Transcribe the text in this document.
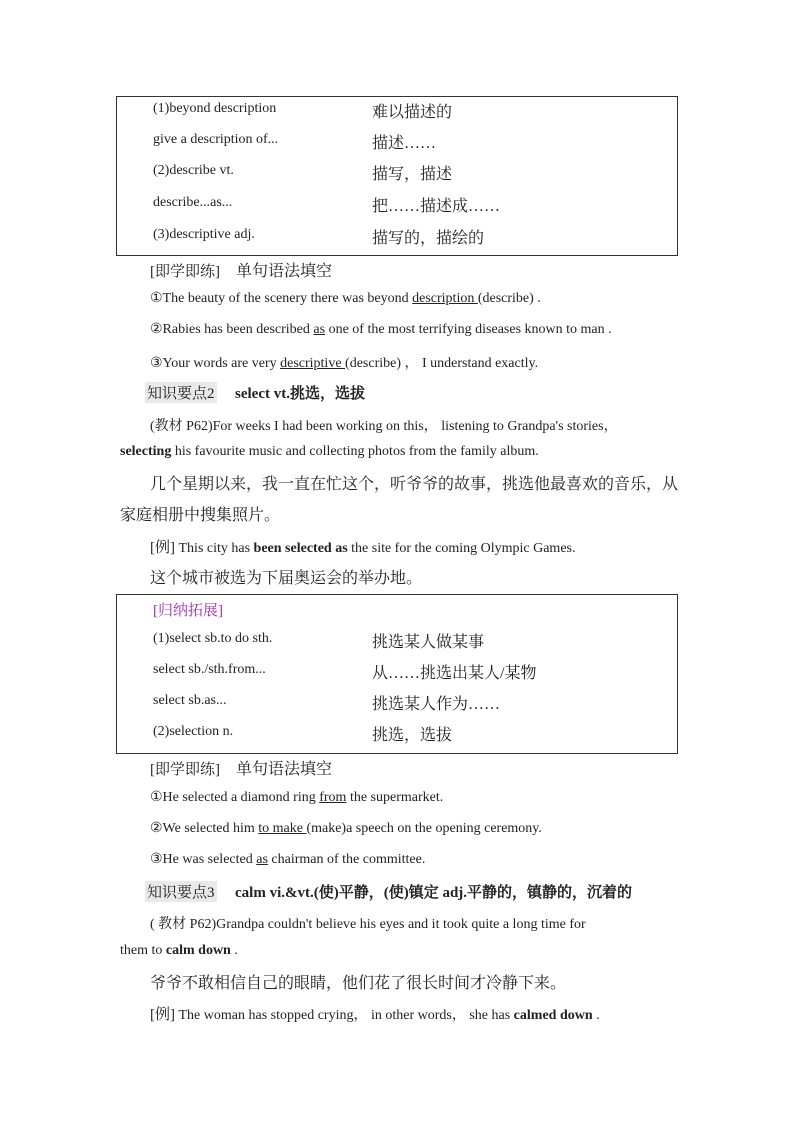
(1)beyond description	难以描述的
give a description of...	描述……
(2)describe vt.	描写，描述
describe...as...	把……描述成……
(3)descriptive adj.	描写的，描绘的
[即学即练] 单句语法填空
①The beauty of the scenery there was beyond description (describe) .
②Rabies has been described as one of the most terrifying diseases known to man .
③Your words are very descriptive (describe) ， I understand exactly.
知识要点2 select vt.挑选，选拔
(教材 P62)For weeks I had been working on this， listening to Grandpa's stories，
selecting his favourite music and collecting photos from the family album.
几个星期以来，我一直在忙这个，听爷爷的故事，挑选他最喜欢的音乐，从
家庭相册中搜集照片。
[例] This city has been selected as the site for the coming Olympic Games.
这个城市被选为下届奥运会的举办地。
[归纳拓展]
(1)select sb.to do sth.	挑选某人做某事
select sb./sth.from...	从……挑选出某人/某物
select sb.as...	挑选某人作为……
(2)selection n.	挑选，选拔
[即学即练] 单句语法填空
①He selected a diamond ring from the supermarket.
②We selected him to make (make)a speech on the opening ceremony.
③He was selected as chairman of the committee.
知识要点3 calm vi.&vt.(使)平静，(使)镇定 adj.平静的，镇静的，沉着的
( 教材 P62)Grandpa couldn't believe his eyes and it took quite a long time for
them to calm down .
爷爷不敢相信自己的眼睛，他们花了很长时间才冷静下来。
[例] The woman has stopped crying， in other words， she has calmed down .
